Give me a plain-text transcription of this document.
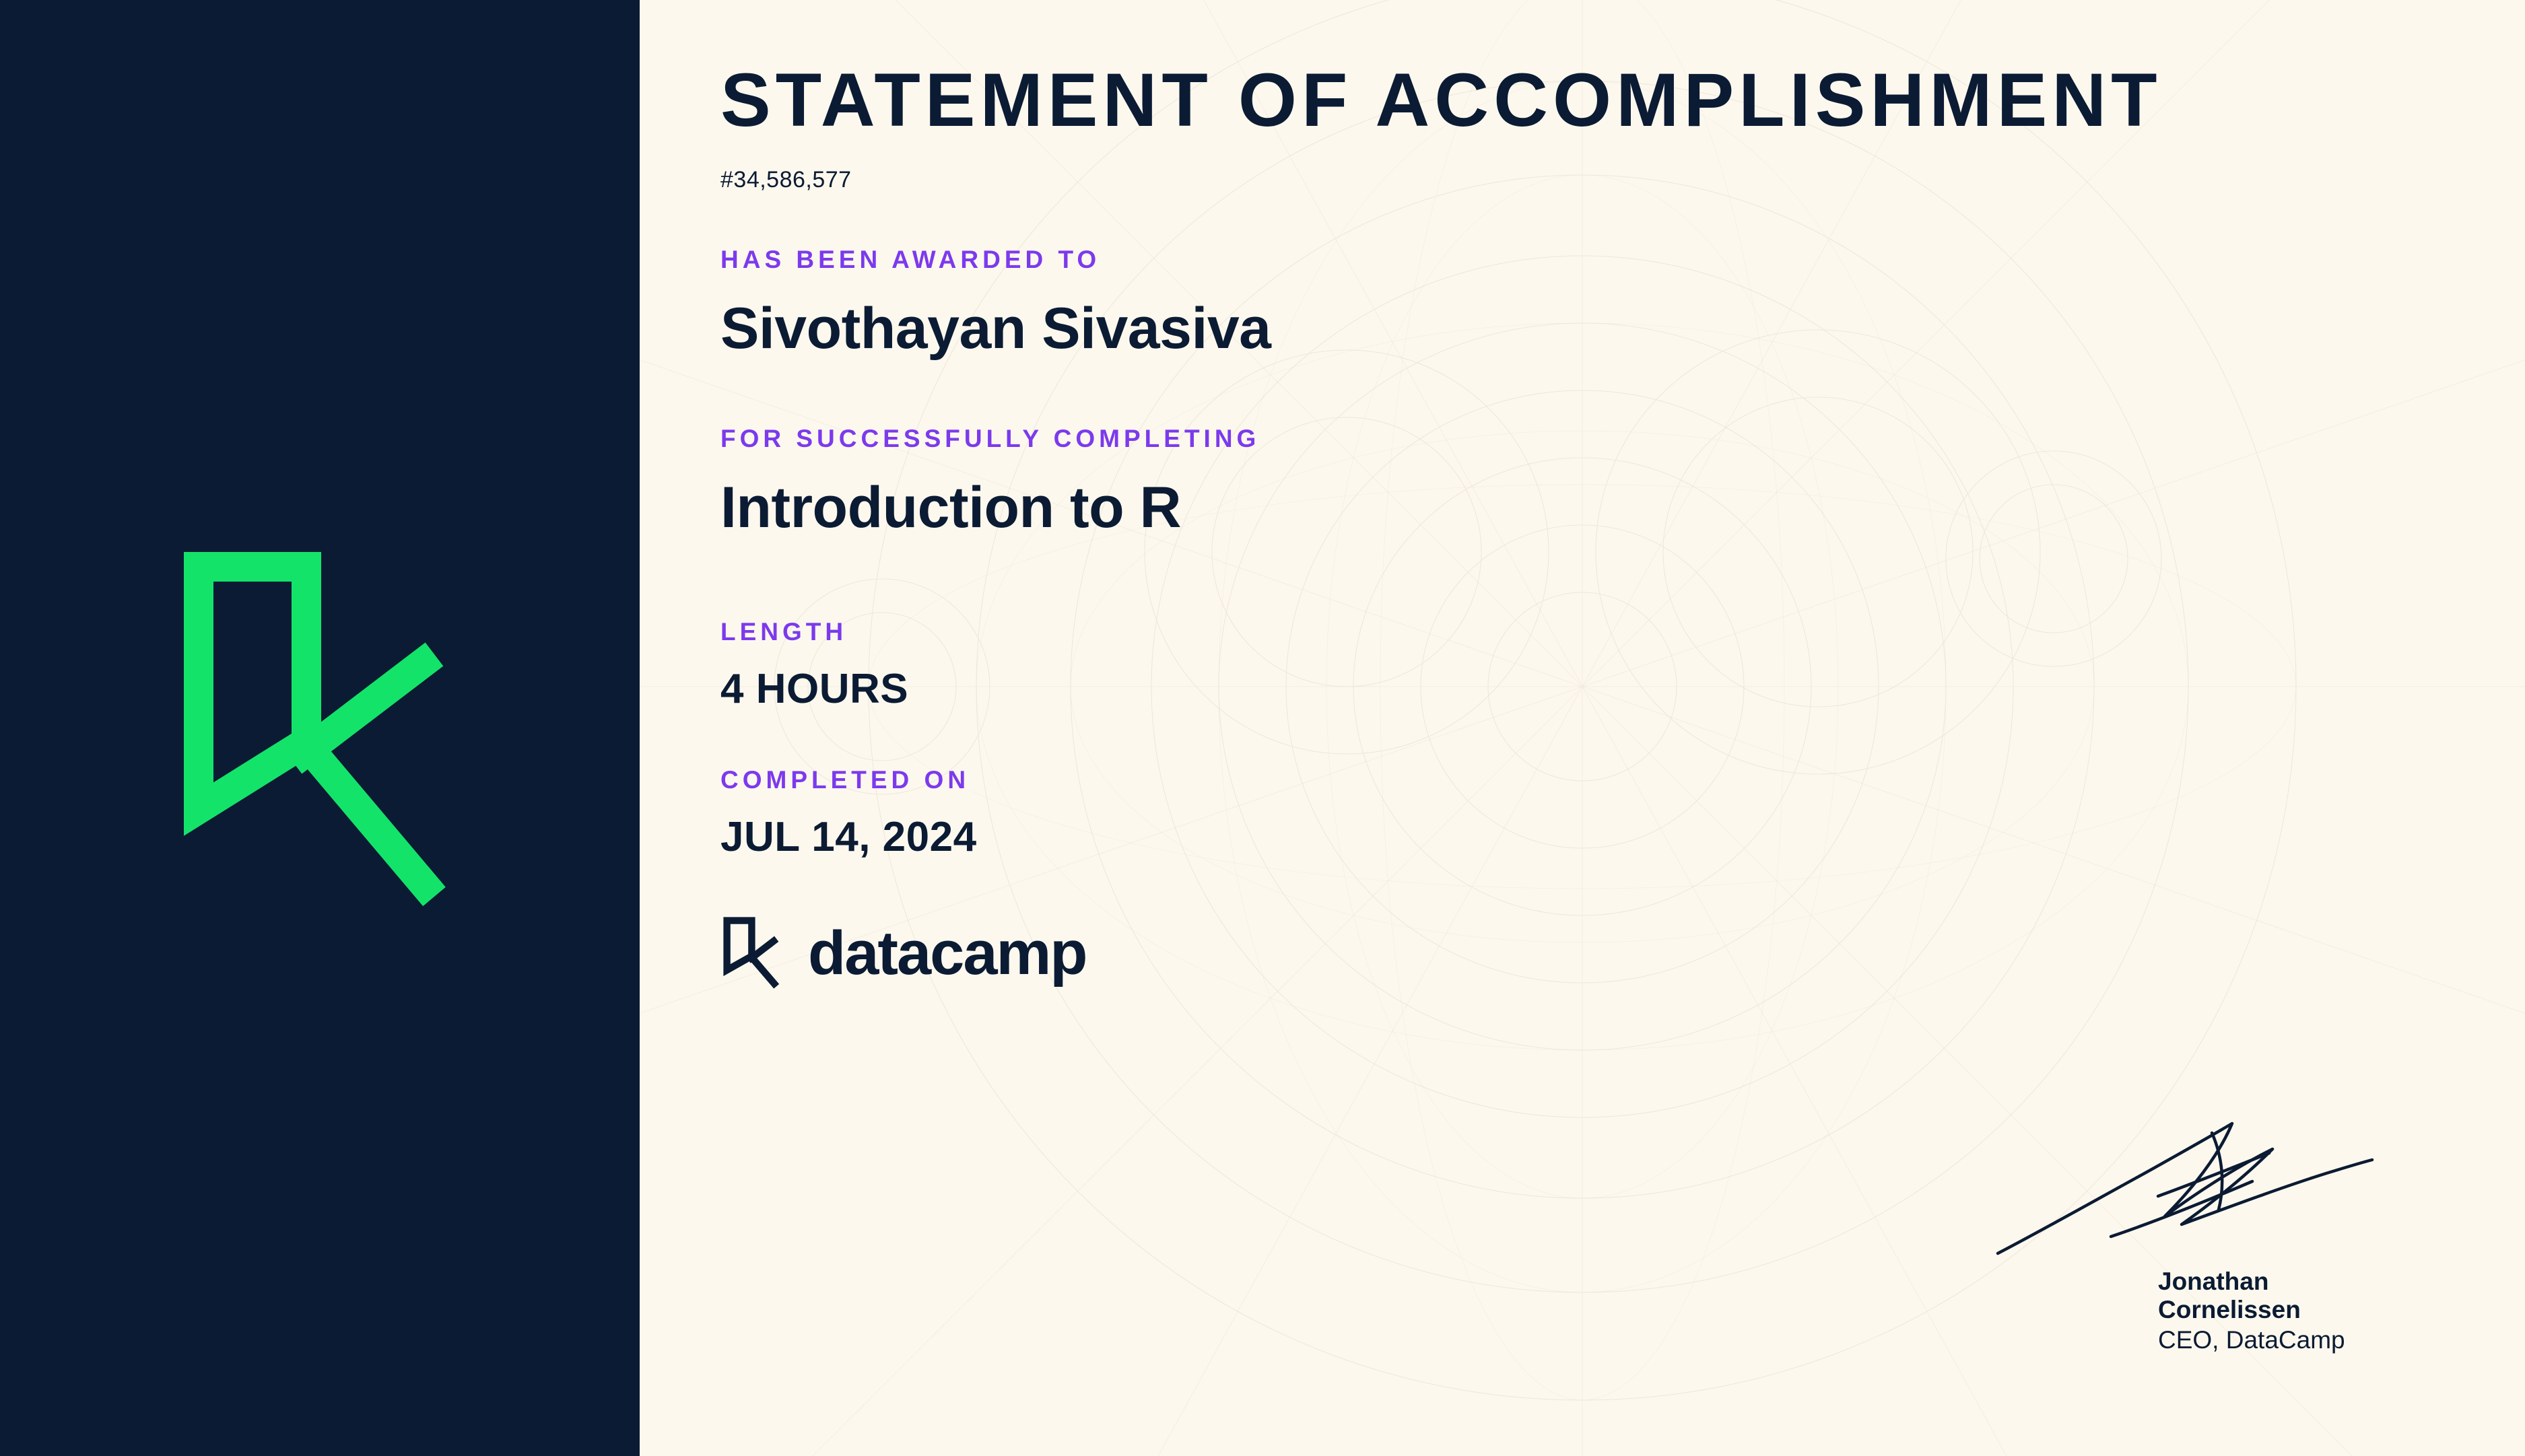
STATEMENT OF ACCOMPLISHMENT
#34,586,577
HAS BEEN AWARDED TO
Sivothayan Sivasiva
FOR SUCCESSFULLY COMPLETING
Introduction to R
LENGTH
4 HOURS
COMPLETED ON
JUL 14, 2024
datacamp
Jonathan Cornelissen
CEO, DataCamp
